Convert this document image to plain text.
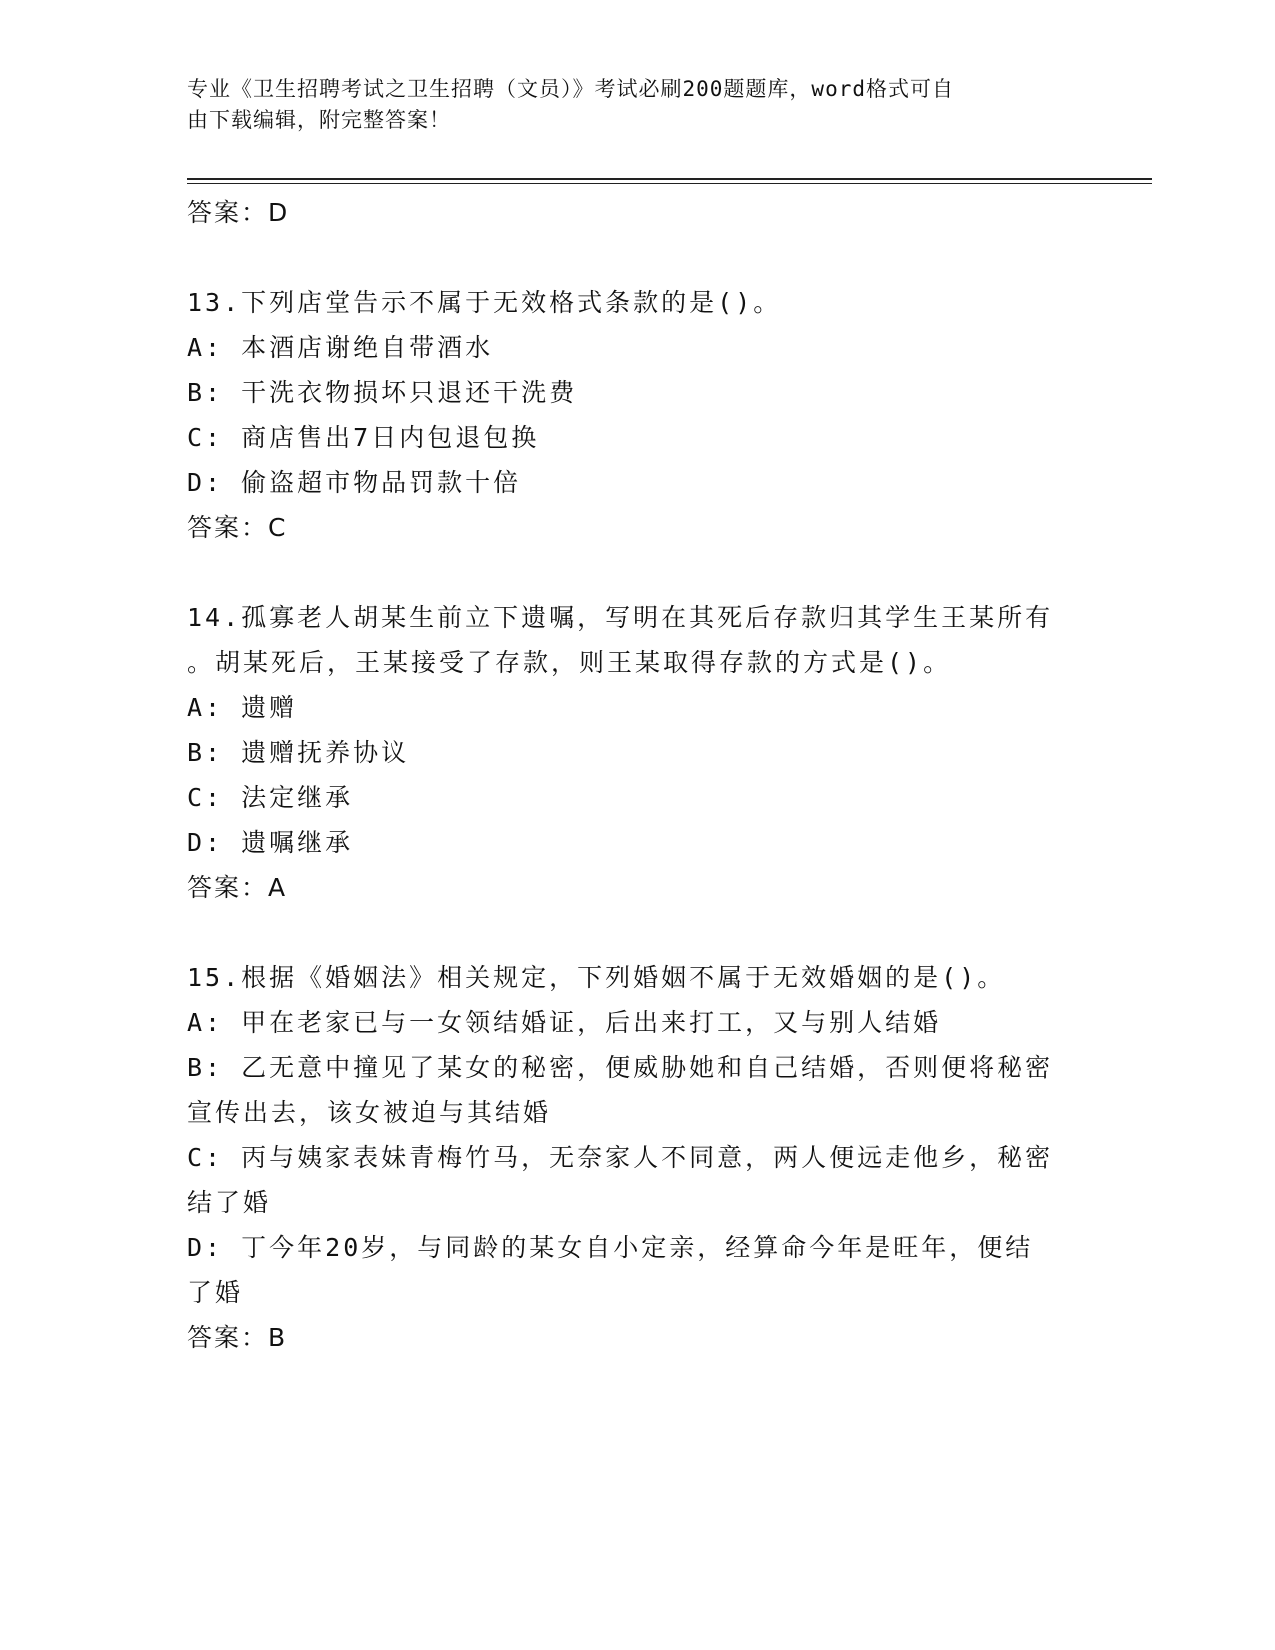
专业《卫生招聘考试之卫生招聘（文员）》考试必刷200题题库，word格式可自
由下载编辑，附完整答案！
答案：D
13.下列店堂告示不属于无效格式条款的是()。
A: 本酒店谢绝自带酒水
B: 干洗衣物损坏只退还干洗费
C: 商店售出7日内包退包换
D: 偷盗超市物品罚款十倍
答案：C
14.孤寡老人胡某生前立下遗嘱，写明在其死后存款归其学生王某所有
。胡某死后，王某接受了存款，则王某取得存款的方式是()。
A: 遗赠
B: 遗赠抚养协议
C: 法定继承
D: 遗嘱继承
答案：A
15.根据《婚姻法》相关规定，下列婚姻不属于无效婚姻的是()。
A: 甲在老家已与一女领结婚证，后出来打工，又与别人结婚
B: 乙无意中撞见了某女的秘密，便威胁她和自己结婚，否则便将秘密
宣传出去，该女被迫与其结婚
C: 丙与姨家表妹青梅竹马，无奈家人不同意，两人便远走他乡，秘密
结了婚
D: 丁今年20岁，与同龄的某女自小定亲，经算命今年是旺年，便结
了婚
答案：B
